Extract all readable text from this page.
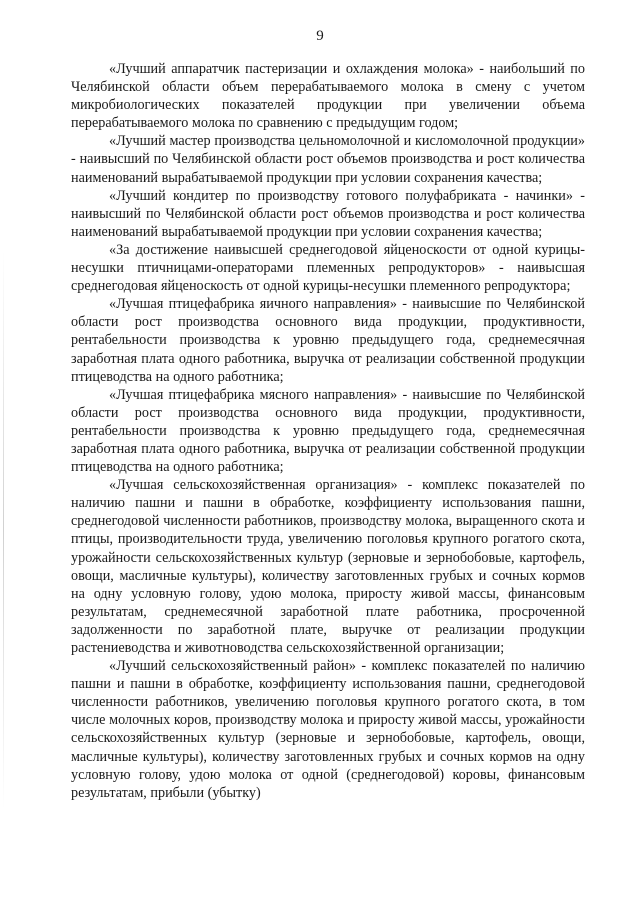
9

«Лучший аппаратчик пастеризации и охлаждения молока» - наибольший по Челябинской области объем перерабатываемого молока в смену с учетом микробиологических показателей продукции при увеличении объема перерабатываемого молока по сравнению с предыдущим годом;

«Лучший мастер производства цельномолочной и кисломолочной продукции» - наивысший по Челябинской области рост объемов производства и рост количества наименований вырабатываемой продукции при условии сохранения качества;

«Лучший кондитер по производству готового полуфабриката - начинки» - наивысший по Челябинской области рост объемов производства и рост количества наименований вырабатываемой продукции при условии сохранения качества;

«За достижение наивысшей среднегодовой яйценоскости от одной курицы-несушки птичницами-операторами племенных репродукторов» - наивысшая среднегодовая яйценоскость от одной курицы-несушки племенного репродуктора;

«Лучшая птицефабрика яичного направления» - наивысшие по Челябинской области рост производства основного вида продукции, продуктивности, рентабельности производства к уровню предыдущего года, среднемесячная заработная плата одного работника, выручка от реализации собственной продукции птицеводства на одного работника;

«Лучшая птицефабрика мясного направления» - наивысшие по Челябинской области рост производства основного вида продукции, продуктивности, рентабельности производства к уровню предыдущего года, среднемесячная заработная плата одного работника, выручка от реализации собственной продукции птицеводства на одного работника;

«Лучшая сельскохозяйственная организация» - комплекс показателей по наличию пашни и пашни в обработке, коэффициенту использования пашни, среднегодовой численности работников, производству молока, выращенного скота и птицы, производительности труда, увеличению поголовья крупного рогатого скота, урожайности сельскохозяйственных культур (зерновые и зернобобовые, картофель, овощи, масличные культуры), количеству заготовленных грубых и сочных кормов на одну условную голову, удою молока, приросту живой массы, финансовым результатам, среднемесячной заработной плате работника, просроченной задолженности по заработной плате, выручке от реализации продукции растениеводства и животноводства сельскохозяйственной организации;

«Лучший сельскохозяйственный район» - комплекс показателей по наличию пашни и пашни в обработке, коэффициенту использования пашни, среднегодовой численности работников, увеличению поголовья крупного рогатого скота, в том числе молочных коров, производству молока и приросту живой массы, урожайности сельскохозяйственных культур (зерновые и зернобобовые, картофель, овощи, масличные культуры), количеству заготовленных грубых и сочных кормов на одну условную голову, удою молока от одной (среднегодовой) коровы, финансовым результатам, прибыли (убытку)
